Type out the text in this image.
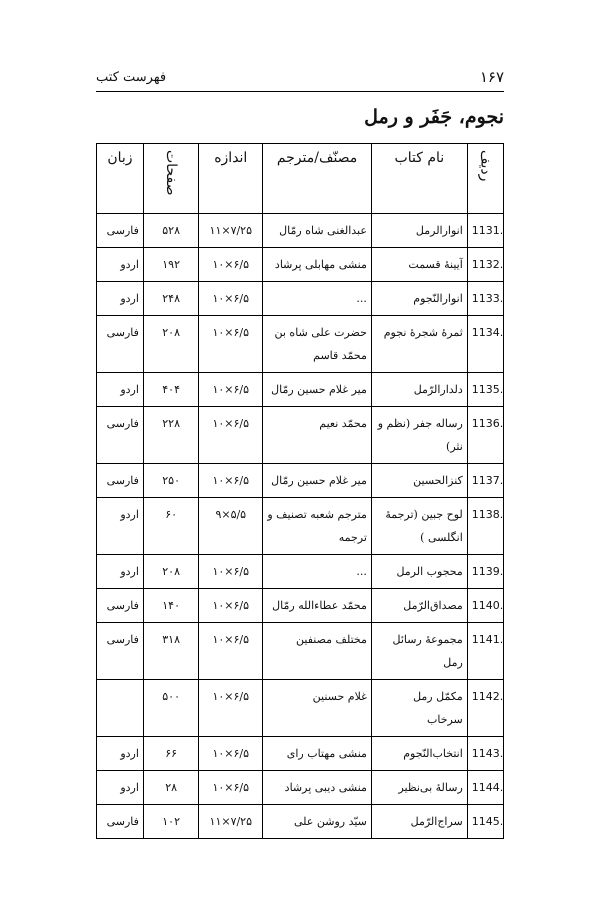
فهرست کتب	۱۶۷
نجوم، جَفَر و رمل
ردیف	نام کتاب	مصنّف/مترجم	اندازه	صفحات	زبان
1131.	انوارالرمل	عبدالغنی شاه رمّال	۱۱×۷/۲۵	۵۲۸	فارسی
1132.	آیینهٔ قسمت	منشی مهابلی پرشاد	۱۰×۶/۵	۱۹۲	اردو
1133.	انوارالنّجوم	...	۱۰×۶/۵	۲۴۸	اردو
1134.	ثمرهٔ شجرهٔ نجوم	حضرت علی شاه بن محمّد قاسم	۱۰×۶/۵	۲۰۸	فارسی
1135.	دلدارالرّمل	میر غلام حسین رمّال	۱۰×۶/۵	۴۰۴	اردو
1136.	رساله جفر (نظم و نثر)	محمّد نعیم	۱۰×۶/۵	۲۲۸	فارسی
1137.	کنزالحسین	میر غلام حسین رمّال	۱۰×۶/۵	۲۵۰	فارسی
1138.	لوح جبین (ترجمهٔ انگلسی )	مترجم شعبه تصنیف و ترجمه	۹×۵/۵	۶۰	اردو
1139.	محجوب الرمل	...	۱۰×۶/۵	۲۰۸	اردو
1140.	مصداق‌الرّمل	محمّد عطاءالله رمّال	۱۰×۶/۵	۱۴۰	فارسی
1141.	مجموعهٔ رسائل رمل	مختلف مصنفین	۱۰×۶/۵	۳۱۸	فارسی
1142.	مکمّل رمل سرخاب	غلام حسنین	۱۰×۶/۵	۵۰۰	
1143.	انتخاب‌النّجوم	منشی مهتاب رای	۱۰×۶/۵	۶۶	اردو
1144.	رسالهٔ بی‌نظیر	منشی دیبی پرشاد	۱۰×۶/۵	۲۸	اردو
1145.	سراج‌الرّمل	سیّد روشن علی	۱۱×۷/۲۵	۱۰۲	فارسی
